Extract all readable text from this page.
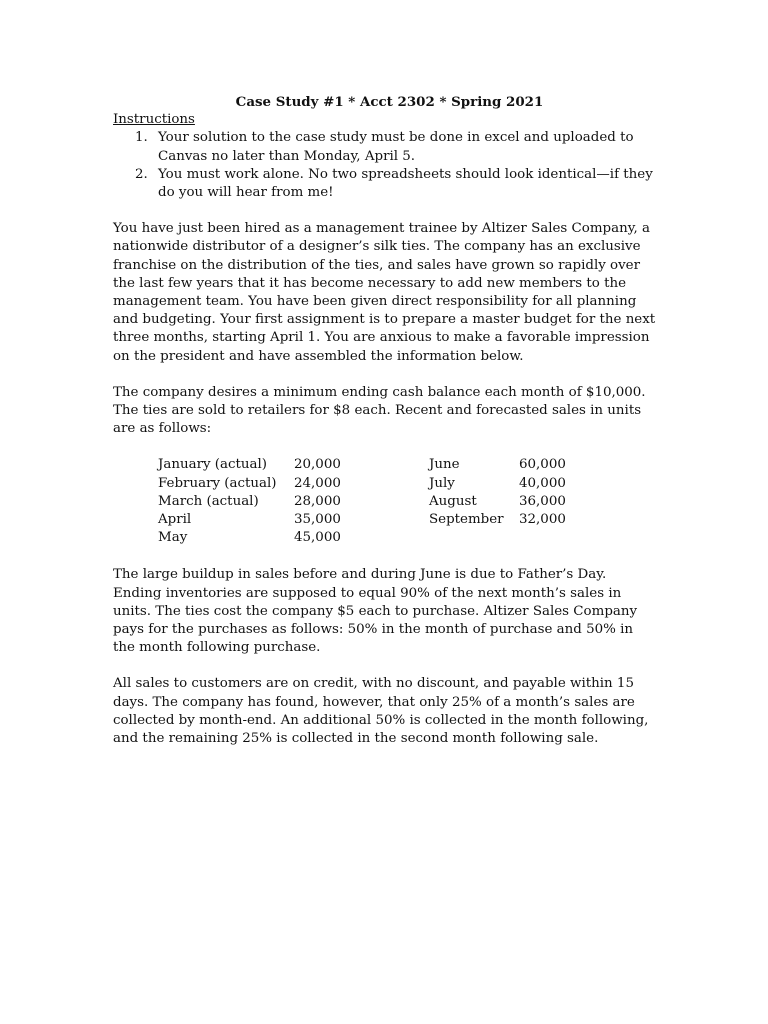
Case Study #1 * Acct 2302 * Spring 2021

Instructions

1. Your solution to the case study must be done in excel and uploaded to Canvas no later than Monday, April 5.
2. You must work alone. No two spreadsheets should look identical—if they do you will hear from me!

You have just been hired as a management trainee by Altizer Sales Company, a nationwide distributor of a designer’s silk ties. The company has an exclusive franchise on the distribution of the ties, and sales have grown so rapidly over the last few years that it has become necessary to add new members to the management team. You have been given direct responsibility for all planning and budgeting. Your first assignment is to prepare a master budget for the next three months, starting April 1. You are anxious to make a favorable impression on the president and have assembled the information below.

The company desires a minimum ending cash balance each month of $10,000. The ties are sold to retailers for $8 each. Recent and forecasted sales in units are as follows:

January (actual) 20,000
February (actual) 24,000
March (actual)	28,000
April	35,000
May	45,000
June	60,000
July	40,000
August	36,000
September 32,000

The large buildup in sales before and during June is due to Father’s Day. Ending inventories are supposed to equal 90% of the next month’s sales in units. The ties cost the company $5 each to purchase. Altizer Sales Company pays for the purchases as follows: 50% in the month of purchase and 50% in the month following purchase.

All sales to customers are on credit, with no discount, and payable within 15 days. The company has found, however, that only 25% of a month’s sales are collected by month-end. An additional 50% is collected in the month following, and the remaining 25% is collected in the second month following sale.
